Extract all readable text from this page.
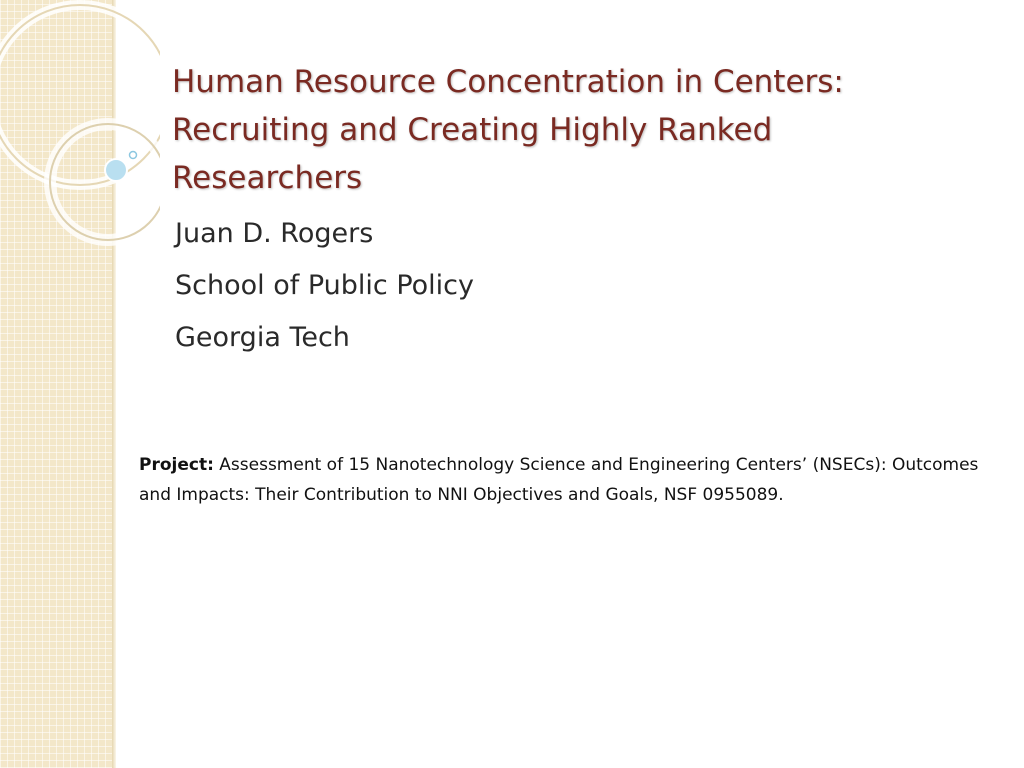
Human Resource Concentration in Centers:
Recruiting and Creating Highly Ranked
Researchers
Juan D. Rogers
School of Public Policy
Georgia Tech
Project: Assessment of 15 Nanotechnology Science and Engineering Centers’ (NSECs): Outcomes and Impacts: Their Contribution to NNI Objectives and Goals, NSF 0955089.
